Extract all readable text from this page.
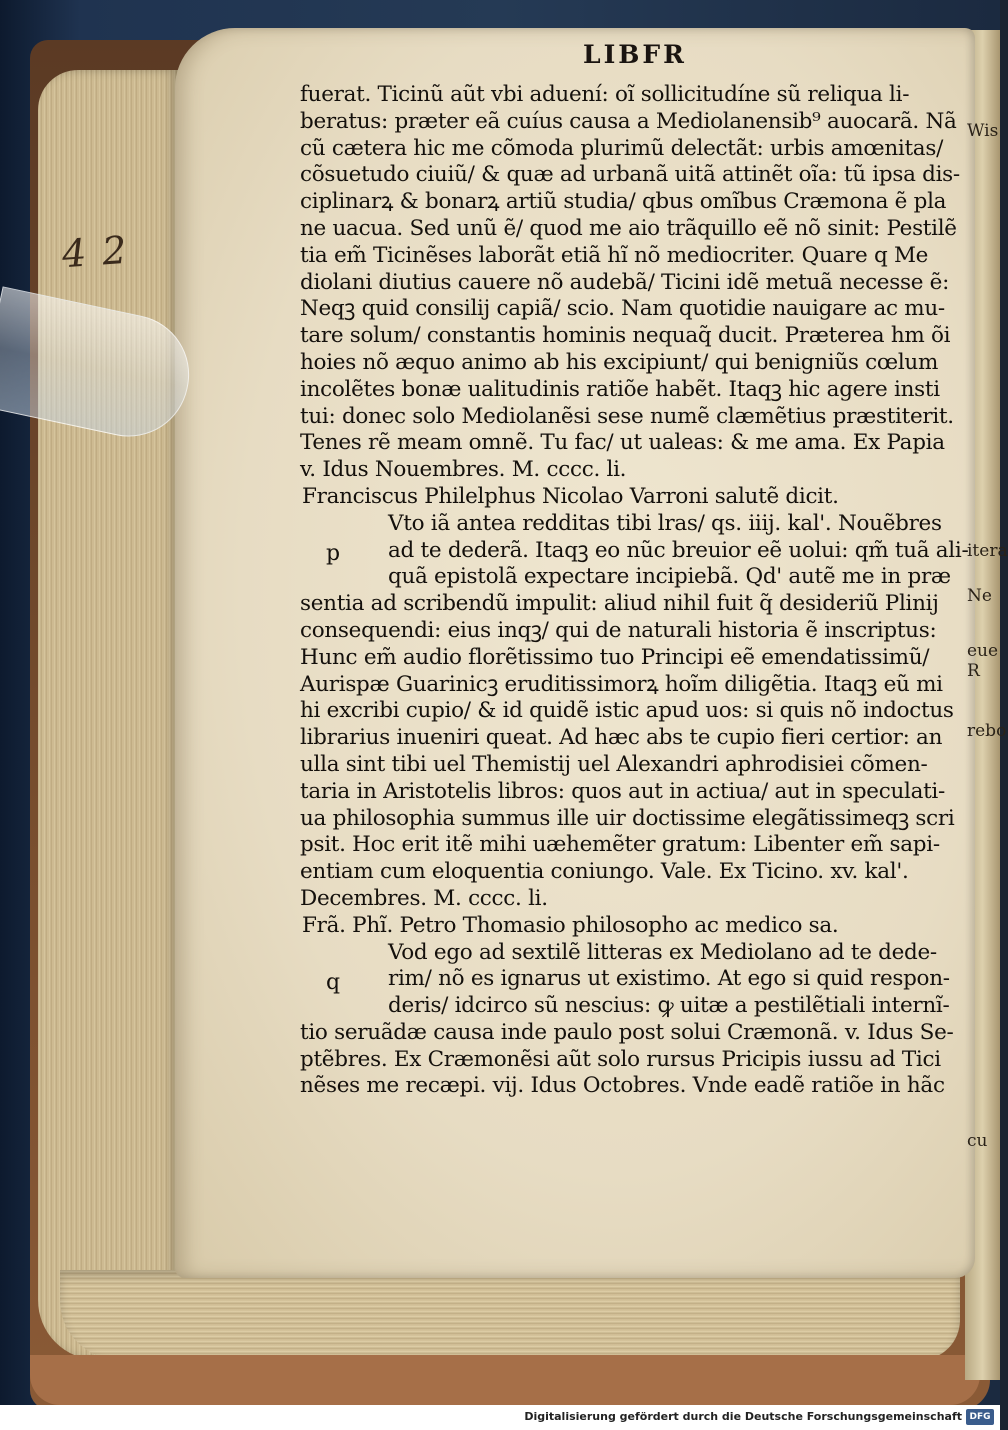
4 2
LIBFR
fuerat. Ticinũ aũt vbi aduení: oĩ sollicitudíne sũ reliqua li-
beratus: præter eã cuíus causa a Mediolanensib⁹ auocarã. Nã
cũ cætera hic me cõmoda plurimũ delectãt: urbis amœnitas/
cõsuetudo ciuiũ/ & quæ ad urbanã uitã attinẽt oĩa: tũ ipsa dis-
ciplinarꝝ & bonarꝝ artiũ studia/ qbus omĩbus Cræmona ẽ pla
ne uacua. Sed unũ ẽ/ quod me aio trãquillo eẽ nõ sinit: Pestilẽ
tia em̃ Ticinẽses laborãt etiã hĩ nõ mediocriter. Quare q Me
diolani diutius cauere nõ audebã/ Ticini idẽ metuã necesse ẽ:
Neqꝫ quid consilij capiã/ scio. Nam quotidie nauigare ac mu-
tare solum/ constantis hominis nequaq̃ ducit. Præterea hm õi
hoies nõ æquo animo ab his excipiunt/ qui benigniũs cœlum
incolẽtes bonæ ualitudinis ratiõe habẽt. Itaqꝫ hic agere insti
tui: donec solo Mediolanẽsi sese numẽ clæmẽtius præstiterit.
Tenes rẽ meam omnẽ. Tu fac/ ut ualeas: & me ama. Ex Papia
v. Idus Nouembres. M. cccc. li.
Franciscus Philelphus Nicolao Varroni salutẽ dicit.
p
Vto iã antea redditas tibi lras/ qs. iiij. kal'. Nouẽbres
ad te dederã. Itaqꝫ eo nũc breuior eẽ uolui: qm̃ tuã ali-
quã epistolã expectare incipiebã. Qd' autẽ me in præ
sentia ad scribendũ impulit: aliud nihil fuit q̃ desideriũ Plinij
consequendi: eius inqꝫ/ qui de naturali historia ẽ inscriptus:
Hunc em̃ audio florẽtissimo tuo Principi eẽ emendatissimũ/
Aurispæ Guarinicꝫ eruditissimorꝝ hoĩm diligẽtia. Itaqꝫ eũ mi
hi excribi cupio/ & id quidẽ istic apud uos: si quis nõ indoctus
librarius inueniri queat. Ad hæc abs te cupio fieri certior: an
ulla sint tibi uel Themistij uel Alexandri aphrodisiei cõmen-
taria in Aristotelis libros: quos aut in actiua/ aut in speculati-
ua philosophia summus ille uir doctissime elegãtissimeqꝫ scri
psit. Hoc erit itẽ mihi uæhemẽter gratum: Libenter em̃ sapi-
entiam cum eloquentia coniungo. Vale. Ex Ticino. xv. kal'.
Decembres. M. cccc. li.
Frã. Phĩ. Petro Thomasio philosopho ac medico sa.
q
Vod ego ad sextilẽ litteras ex Mediolano ad te dede-
rim/ nõ es ignarus ut existimo. At ego si quid respon-
deris/ idcirco sũ nescius: ꝙ uitæ a pestilẽtiali internĩ-
tio seruãdæ causa inde paulo post solui Cræmonã. v. Idus Se-
ptẽbres. Ex Cræmonẽsi aũt solo rursus Pricipis iussu ad Tici
nẽses me recæpi. vij. Idus Octobres. Vnde eadẽ ratiõe in hãc
Wis
itera
Ne
eue
R
rebo
cu
Digitalisierung gefördert durch die Deutsche Forschungsgemeinschaft DFG
